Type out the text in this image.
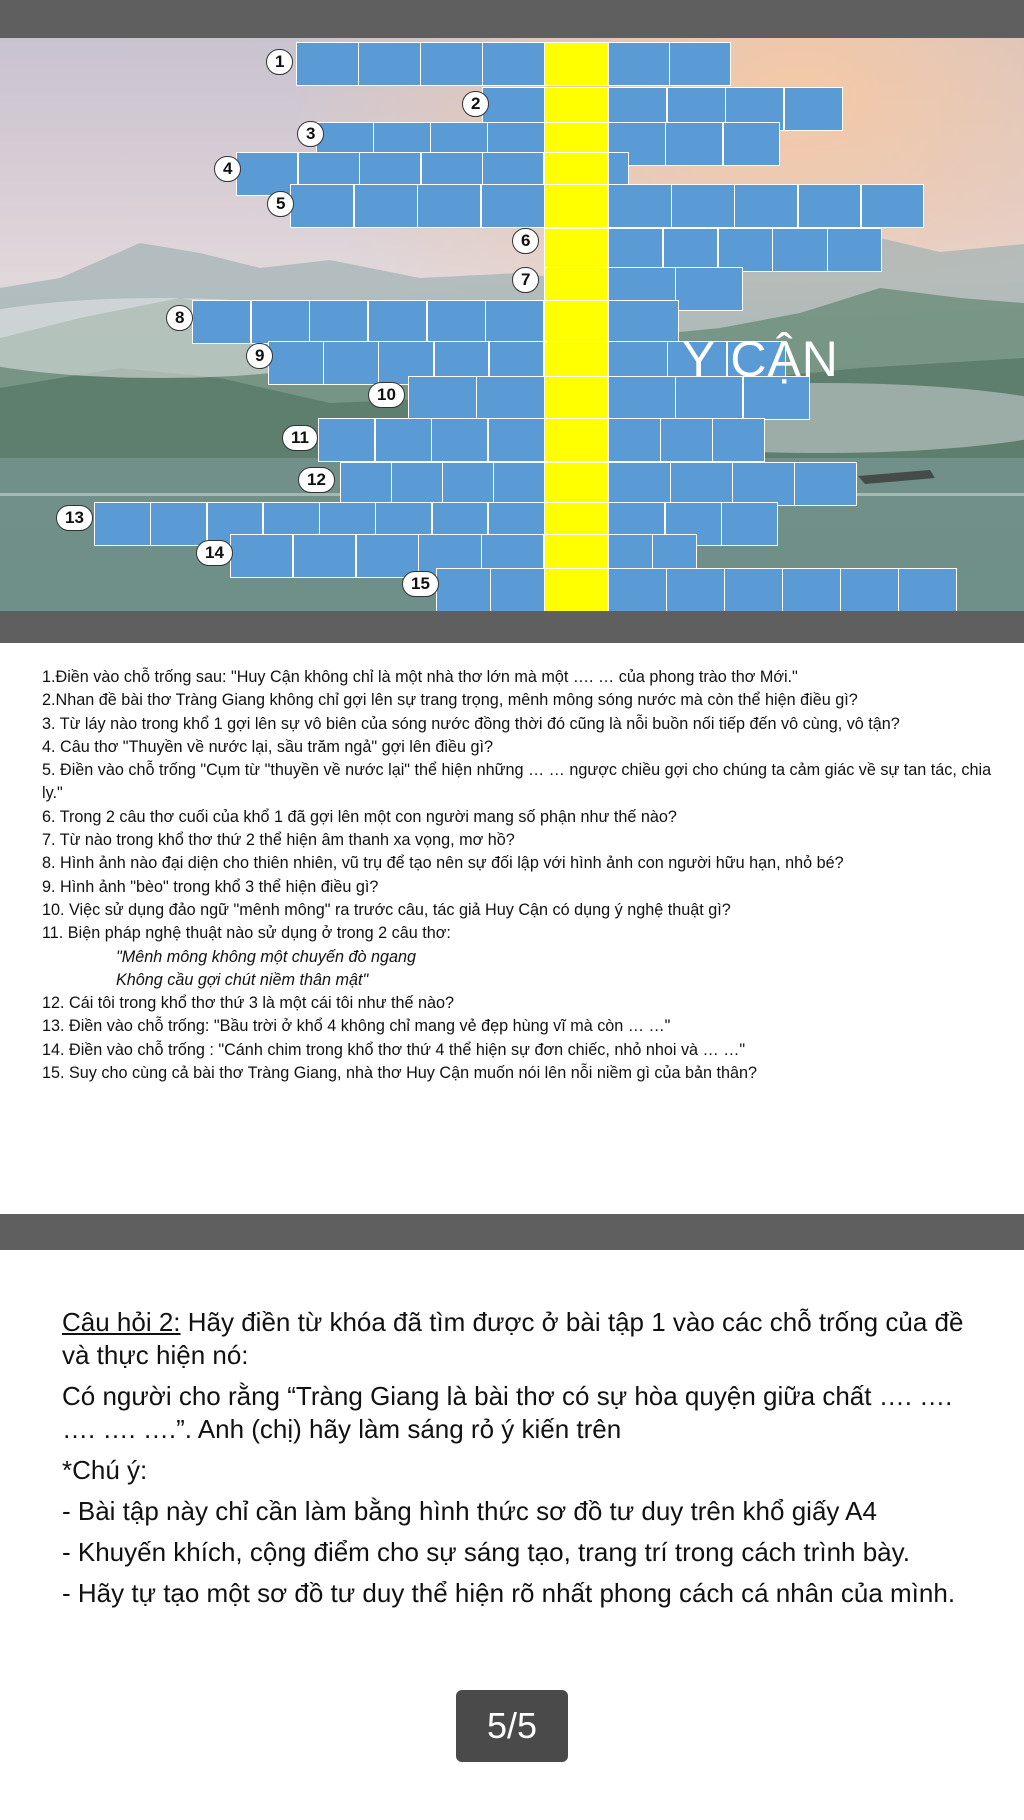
1
2
3
4
5
6
7
8
9
10
11
12
13
14
15
Y CẬN

1.Điền vào chỗ trống sau: "Huy Cận không chỉ là một nhà thơ lớn mà một …. … của phong trào thơ Mới."

2.Nhan đề bài thơ Tràng Giang không chỉ gợi lên sự trang trọng, mênh mông sóng nước mà còn thể hiện điều gì?

3. Từ láy nào trong khổ 1 gợi lên sự vô biên của sóng nước đồng thời đó cũng là nỗi buồn nối tiếp đến vô cùng, vô tận?

4. Câu thơ "Thuyền về nước lại, sầu trăm ngả" gợi lên điều gì?

5. Điền vào chỗ trống "Cụm từ "thuyền về nước lại" thể hiện những … … ngược chiều gợi cho chúng ta cảm giác về sự tan tác, chia ly."

6. Trong 2 câu thơ cuối của khổ 1 đã gợi lên một con người mang số phận như thế nào?

7. Từ nào trong khổ thơ thứ 2 thể hiện âm thanh xa vọng, mơ hồ?

8. Hình ảnh nào đại diện cho thiên nhiên, vũ trụ để tạo nên sự đối lập với hình ảnh con người hữu hạn, nhỏ bé?

9. Hình ảnh "bèo" trong khổ 3 thể hiện điều gì?

10. Việc sử dụng đảo ngữ "mênh mông" ra trước câu, tác giả Huy Cận có dụng ý nghệ thuật gì?

11. Biện pháp nghệ thuật nào sử dụng ở trong 2 câu thơ:

"Mênh mông không một chuyến đò ngang

Không cầu gợi chút niềm thân mật"

12. Cái tôi trong khổ thơ thứ 3 là một cái tôi như thế nào?

13. Điền vào chỗ trống: "Bầu trời ở khổ 4 không chỉ mang vẻ đẹp hùng vĩ mà còn … …"

14. Điền vào chỗ trống : "Cánh chim trong khổ thơ thứ 4 thể hiện sự đơn chiếc, nhỏ nhoi và … …"

15. Suy cho cùng cả bài thơ Tràng Giang, nhà thơ Huy Cận muốn nói lên nỗi niềm gì của bản thân?

Câu hỏi 2: Hãy điền từ khóa đã tìm được ở bài tập 1 vào các chỗ trống của đề và thực hiện nó:

Có người cho rằng “Tràng Giang là bài thơ có sự hòa quyện giữa chất …. …. …. …. ….”. Anh (chị) hãy làm sáng rỏ ý kiến trên

*Chú ý:

- Bài tập này chỉ cần làm bằng hình thức sơ đồ tư duy trên khổ giấy A4

- Khuyến khích, cộng điểm cho sự sáng tạo, trang trí trong cách trình bày.

- Hãy tự tạo một sơ đồ tư duy thể hiện rõ nhất phong cách cá nhân của mình.

5/5
